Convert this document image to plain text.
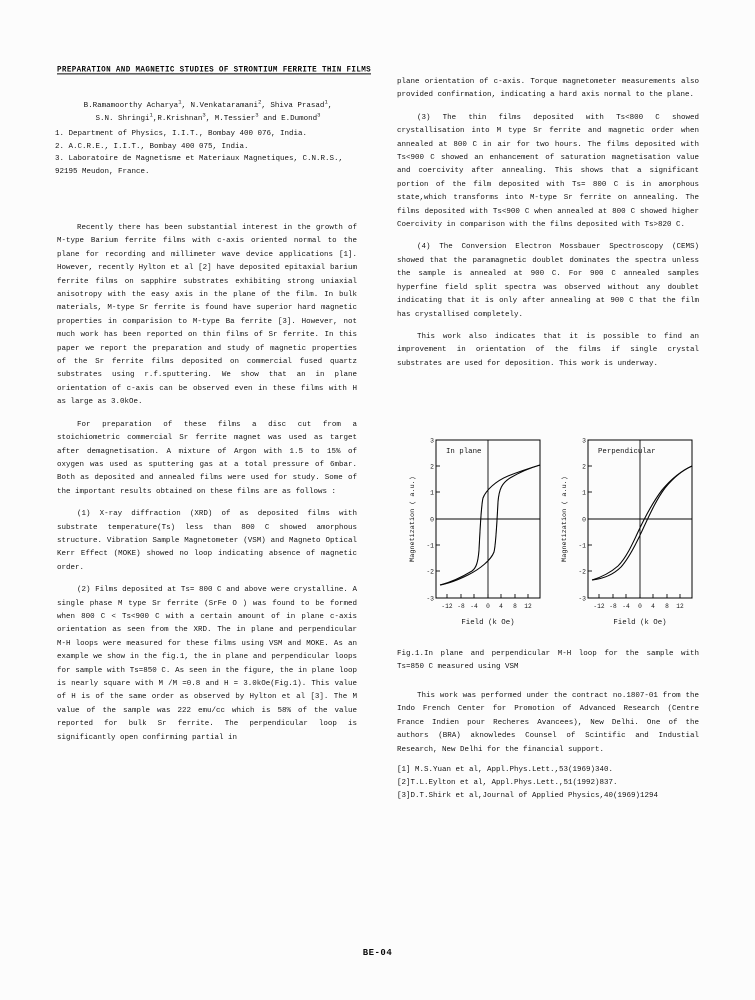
PREPARATION AND MAGNETIC STUDIES OF STRONTIUM FERRITE THIN FILMS
B.Ramamoorthy Acharya$^1$, N.Venkataramani$^2$, Shiva Prasad$^1$,
S.N. Shringi$^1$,R.Krishnan$^3$, M.Tessier$^3$ and E.Dumond$^3$
1. Department of Physics, I.I.T., Bombay 400 076, India.
2. A.C.R.E., I.I.T., Bombay 400 075, India.
3. Laboratoire de Magnetisme et Materiaux Magnetiques, C.N.R.S.,
92195 Meudon, France.

Recently there has been substantial interest in the growth of M-type Barium ferrite films with c-axis oriented normal to the plane for recording and millimeter wave device applications [1]. However, recently Hylton et al [2] have deposited epitaxial barium ferrite films on sapphire substrates exhibiting strong uniaxial anisotropy with the easy axis in the plane of the film. In bulk materials, M-type Sr ferrite is found have superior hard magnetic properties in comparision to M-type Ba ferrite [3]. However, not much work has been reported on thin films of Sr ferrite. In this paper we report the preparation and study of magnetic properties of the Sr ferrite films deposited on commercial fused quartz substrates using r.f.sputtering. We show that an in plane orientation of c-axis can be observed even in these films with H as large as 3.0kOe.

For preparation of these films a disc cut from a stoichiometric commercial Sr ferrite magnet was used as target after demagnetisation. A mixture of Argon with 1.5 to 15% of oxygen was used as sputtering gas at a total pressure of 6mbar. Both as deposited and annealed films were used for study. Some of the important results obtained on these films are as follows :

(1) X-ray diffraction (XRD) of as deposited films with substrate temperature(Ts) less than 800 C showed amorphous structure. Vibration Sample Magnetometer (VSM) and Magneto Optical Kerr Effect (MOKE) showed no loop indicating absence of magnetic order.

(2) Films deposited at Ts= 800 C and above were crystalline. A single phase M type Sr ferrite (SrFe O ) was found to be formed when 800 C < Ts<900 C with a certain amount of in plane c-axis orientation as seen from the XRD. The in plane and perpendicular M-H loops were measured for these films using VSM and MOKE. As an example we show in the fig.1, the in plane and perpendicular loops for sample with Ts=850 C. As seen in the figure, the in plane loop is nearly square with M /M =0.8 and H = 3.0kOe(Fig.1). This value of H is of the same order as observed by Hylton et al [3]. The M value of the sample was 222 emu/cc which is 58% of the value reported for bulk Sr ferrite. The perpendicular loop is significantly open confirming partial in

plane orientation of c-axis. Torque magnetometer measurements also provided confirmation, indicating a hard axis normal to the plane.

(3) The thin films deposited with Ts<800 C showed crystallisation into M type Sr ferrite and magnetic order when annealed at 800 C in air for two hours. The films deposited with Ts<900 C showed an enhancement of saturation magnetisation value and coercivity after annealing. This shows that a significant portion of the film deposited with Ts= 800 C is in amorphous state,which transforms into M-type Sr ferrite on annealing. The films deposited with Ts<900 C when annealed at 800 C showed higher Coercivity in comparison with the films deposited with Ts>820 C.

(4) The Conversion Electron Mossbauer Spectroscopy (CEMS) showed that the paramagnetic doublet dominates the spectra unless the sample is annealed at 900 C. For 900 C annealed samples hyperfine field split spectra was observed without any doublet indicating that it is only after annealing at 900 C that the film has crystallised completely.

This work also indicates that it is possible to find an improvement in orientation of the films if single crystal substrates are used for deposition. This work is underway.

3
2
1
0
-1
-2
-3
-12 -8 -4 0 4 8 12
In plane
Field (k Oe)
Magnetization ( a.u.)
3
2
1
0
-1
-2
-3
-12 -8 -4 0 4 8 12
Perpendicular
Field (k Oe)
Magnetization ( a.u.)
Fig.1.In plane and perpendicular M-H loop for the sample with Ts=850 C measured using VSM

This work was performed under the contract no.1807-01 from the Indo French Center for Promotion of Advanced Research (Centre France Indien pour Recheres Avancees), New Delhi. One of the authors (BRA) aknowledes Counsel of Scintific and Industial Research, New Delhi for the financial support.

[1] M.S.Yuan et al, Appl.Phys.Lett.,53(1969)340.
[2]T.L.Eylton et al, Appl.Phys.Lett.,51(1992)837.
[3]D.T.Shirk et al,Journal of Applied Physics,40(1969)1294
BE-04
